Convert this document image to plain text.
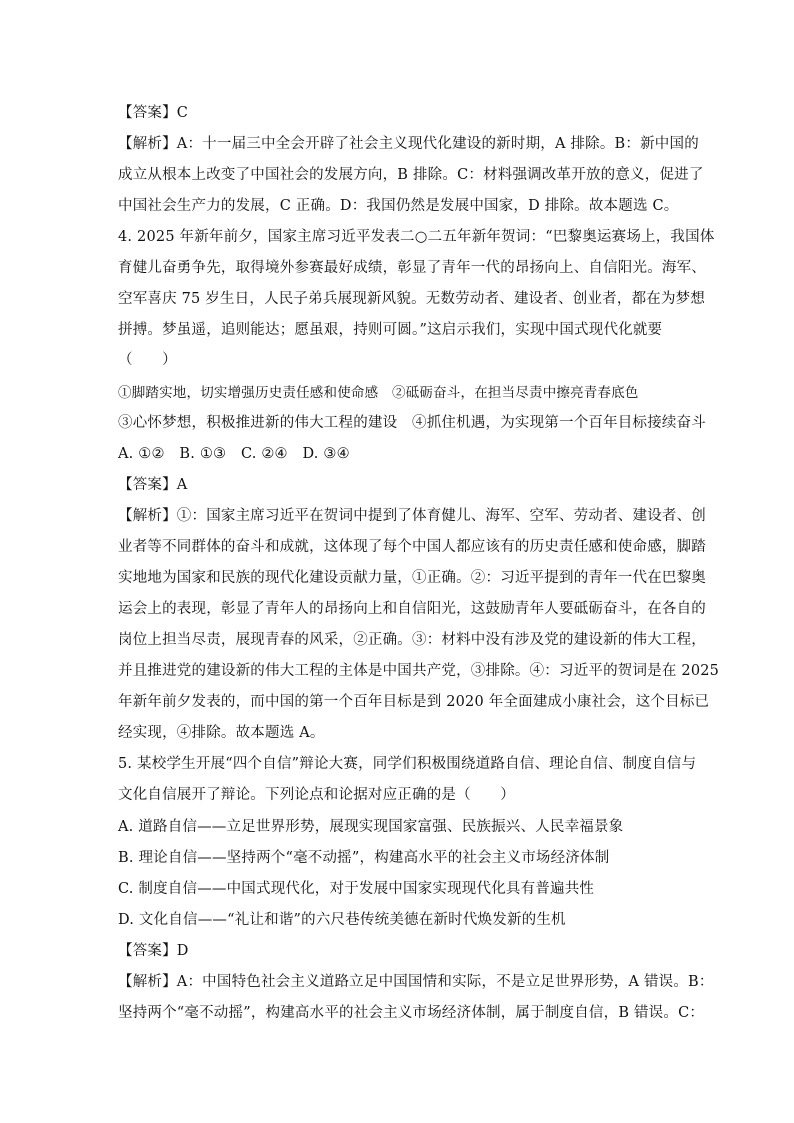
【答案】C
【解析】A：十一届三中全会开辟了社会主义现代化建设的新时期，A 排除。B：新中国的
成立从根本上改变了中国社会的发展方向，B 排除。C：材料强调改革开放的意义，促进了
中国社会生产力的发展，C 正确。D：我国仍然是发展中国家，D 排除。故本题选 C。
4. 2025 年新年前夕，国家主席习近平发表二○二五年新年贺词：“巴黎奥运赛场上，我国体
育健儿奋勇争先，取得境外参赛最好成绩，彰显了青年一代的昂扬向上、自信阳光。海军、
空军喜庆 75 岁生日，人民子弟兵展现新风貌。无数劳动者、建设者、创业者，都在为梦想
拼搏。梦虽遥，追则能达；愿虽艰，持则可圆。”这启示我们，实现中国式现代化就要
（　　）
①脚踏实地，切实增强历史责任感和使命感　②砥砺奋斗，在担当尽责中擦亮青春底色
③心怀梦想，积极推进新的伟大工程的建设　④抓住机遇，为实现第一个百年目标接续奋斗
A. ①②　B. ①③　C. ②④　D. ③④
【答案】A
【解析】①：国家主席习近平在贺词中提到了体育健儿、海军、空军、劳动者、建设者、创
业者等不同群体的奋斗和成就，这体现了每个中国人都应该有的历史责任感和使命感，脚踏
实地地为国家和民族的现代化建设贡献力量，①正确。②：习近平提到的青年一代在巴黎奥
运会上的表现，彰显了青年人的昂扬向上和自信阳光，这鼓励青年人要砥砺奋斗，在各自的
岗位上担当尽责，展现青春的风采，②正确。③：材料中没有涉及党的建设新的伟大工程，
并且推进党的建设新的伟大工程的主体是中国共产党，③排除。④：习近平的贺词是在 2025
年新年前夕发表的，而中国的第一个百年目标是到 2020 年全面建成小康社会，这个目标已
经实现，④排除。故本题选 A。
5. 某校学生开展“四个自信”辩论大赛，同学们积极围绕道路自信、理论自信、制度自信与
文化自信展开了辩论。下列论点和论据对应正确的是（　　）
A. 道路自信——立足世界形势，展现实现国家富强、民族振兴、人民幸福景象
B. 理论自信——坚持两个“毫不动摇”，构建高水平的社会主义市场经济体制
C. 制度自信——中国式现代化，对于发展中国家实现现代化具有普遍共性
D. 文化自信——“礼让和谐”的六尺巷传统美德在新时代焕发新的生机
【答案】D
【解析】A：中国特色社会主义道路立足中国国情和实际，不是立足世界形势，A 错误。B：
坚持两个“毫不动摇”，构建高水平的社会主义市场经济体制，属于制度自信，B 错误。C：
